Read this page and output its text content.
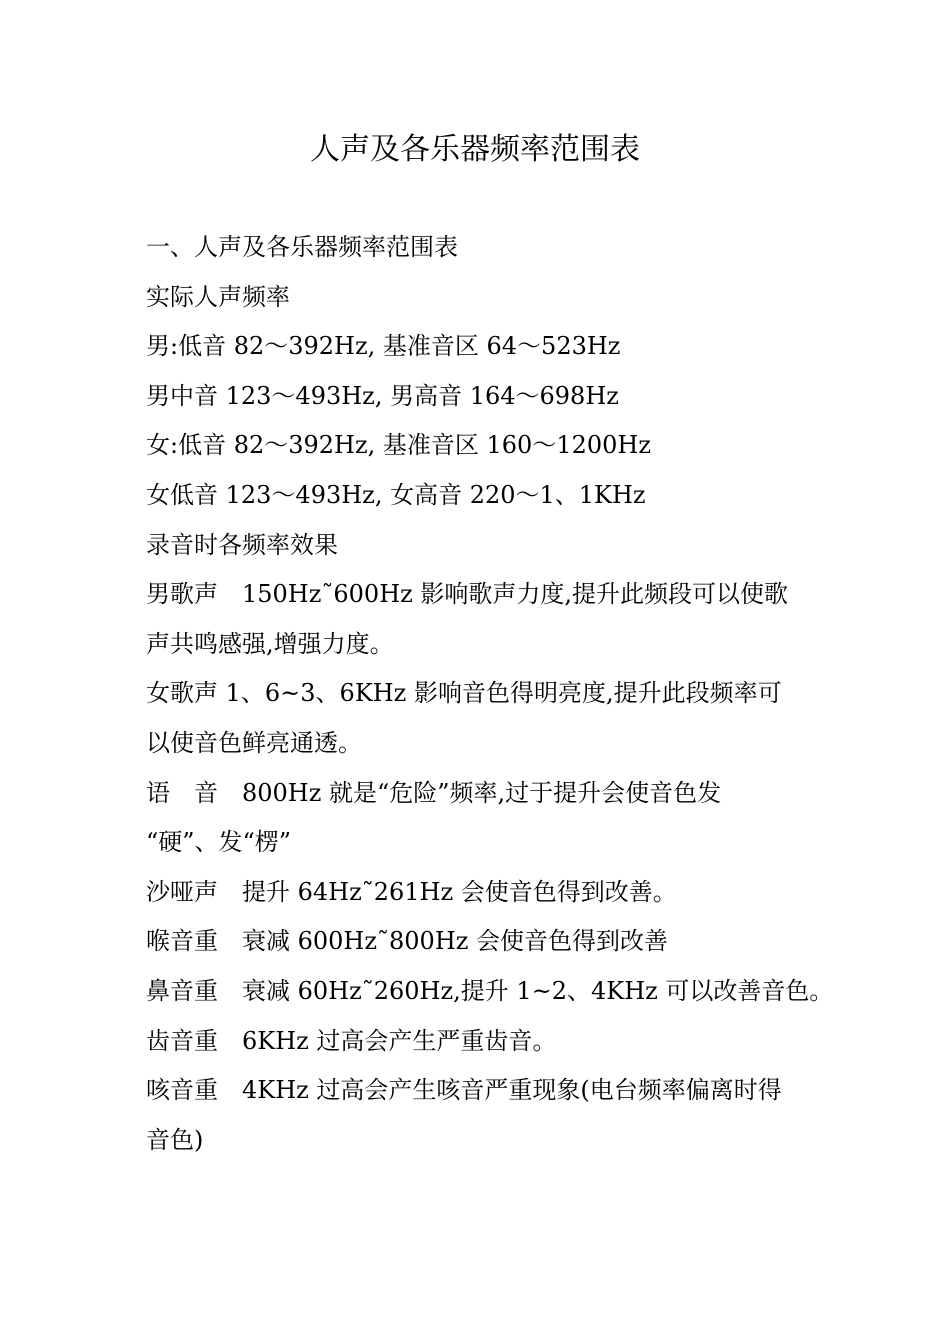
人声及各乐器频率范围表
一、人声及各乐器频率范围表
实际人声频率
男:低音 82～392Hz, 基准音区 64～523Hz
男中音 123～493Hz, 男高音 164～698Hz
女:低音 82～392Hz, 基准音区 160～1200Hz
女低音 123～493Hz, 女高音 220～1、1KHz
录音时各频率效果
男歌声　150Hz˜600Hz 影响歌声力度,提升此频段可以使歌
声共鸣感强,增强力度。
女歌声 1、6~3、6KHz 影响音色得明亮度,提升此段频率可
以使音色鲜亮通透。
语　音　800Hz 就是“危险”频率,过于提升会使音色发
“硬”、发“楞”
沙哑声　提升 64Hz˜261Hz 会使音色得到改善。
喉音重　衰减 600Hz˜800Hz 会使音色得到改善
鼻音重　衰减 60Hz˜260Hz,提升 1~2、4KHz 可以改善音色。
齿音重　6KHz 过高会产生严重齿音。
咳音重　4KHz 过高会产生咳音严重现象(电台频率偏离时得
音色)
